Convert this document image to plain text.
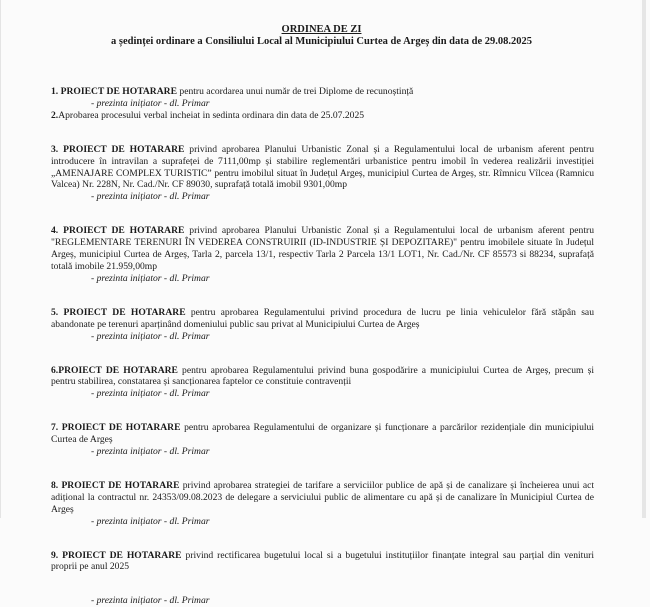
ORDINEA DE ZI
a ședinței ordinare a Consiliului Local al Municipiului Curtea de Argeș din data de 29.08.2025
1. PROIECT DE HOTARARE pentru acordarea unui număr de trei Diplome de recunoștință
- prezinta inițiator - dl. Primar
2.Aprobarea procesului verbal incheiat in sedinta ordinara din data de 25.07.2025
3. PROIECT DE HOTARARE privind aprobarea Planului Urbanistic Zonal și a Regulamentului local de urbanism aferent pentru introducere în intravilan a suprafeței de 7111,00mp și stabilire reglementări urbanistice pentru imobil în vederea realizării investiției „AMENAJARE COMPLEX TURISTIC” pentru imobilul situat în Județul Argeș, municipiul Curtea de Argeș, str. Rîmnicu Vîlcea (Ramnicu Valcea) Nr. 228N, Nr. Cad./Nr. CF 89030, suprafață totală imobil 9301,00mp
- prezinta inițiator - dl. Primar
4. PROIECT DE HOTARARE privind aprobarea Planului Urbanistic Zonal și a Regulamentului local de urbanism aferent pentru "REGLEMENTARE TERENURI ÎN VEDEREA CONSTRUIRII (ID-INDUSTRIE ȘI DEPOZITARE)" pentru imobilele situate în Județul Argeș, municipiul Curtea de Argeș, Tarla 2, parcela 13/1, respectiv Tarla 2 Parcela 13/1 LOT1, Nr. Cad./Nr. CF 85573 si 88234, suprafață totală imobile 21.959,00mp
- prezinta inițiator - dl. Primar
5. PROIECT DE HOTARARE pentru aprobarea Regulamentului privind procedura de lucru pe linia vehiculelor fără stăpân sau abandonate pe terenuri aparținând domeniului public sau privat al Municipiului Curtea de Argeș
- prezinta inițiator - dl. Primar
6.PROIECT DE HOTARARE pentru aprobarea Regulamentului privind buna gospodărire a municipiului Curtea de Argeș, precum și pentru stabilirea, constatarea și sancționarea faptelor ce constituie contravenții
- prezinta inițiator - dl. Primar
7. PROIECT DE HOTARARE pentru aprobarea Regulamentului de organizare și funcționare a parcărilor rezidențiale din municipiului Curtea de Argeș
- prezinta inițiator - dl. Primar
8. PROIECT DE HOTARARE privind aprobarea strategiei de tarifare a serviciilor publice de apă și de canalizare și încheierea unui act adițional la contractul nr. 24353/09.08.2023 de delegare a serviciului public de alimentare cu apă și de canalizare în Municipiul Curtea de Argeș
- prezinta inițiator - dl. Primar
9. PROIECT DE HOTARARE privind rectificarea bugetului local si a bugetului instituțiilor finanțate integral sau parțial din venituri proprii pe anul 2025
- prezinta inițiator - dl. Primar
